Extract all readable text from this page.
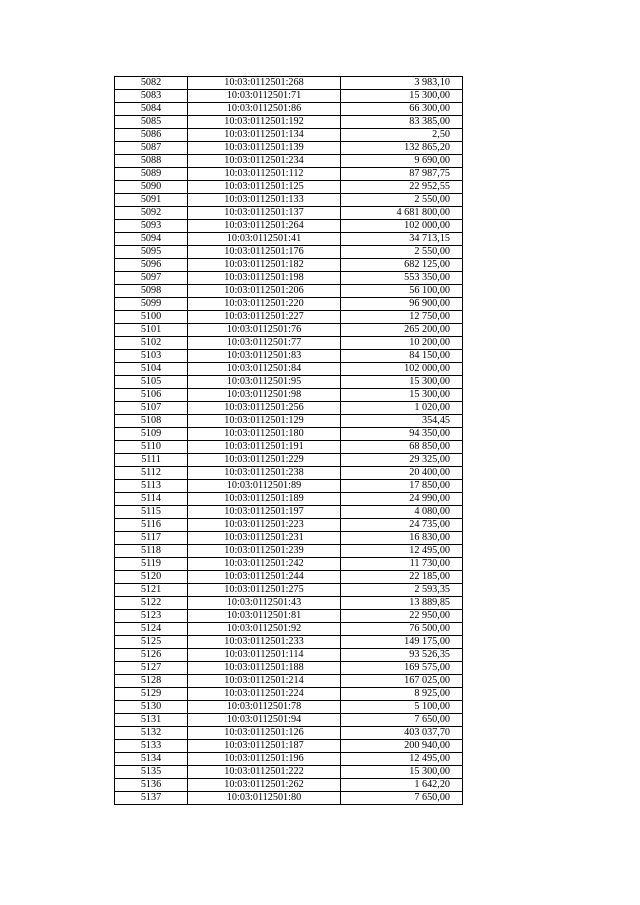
5082	10:03:0112501:268	3 983,10
5083	10:03:0112501:71	15 300,00
5084	10:03:0112501:86	66 300,00
5085	10:03:0112501:192	83 385,00
5086	10:03:0112501:134	2,50
5087	10:03:0112501:139	132 865,20
5088	10:03:0112501:234	9 690,00
5089	10:03:0112501:112	87 987,75
5090	10:03:0112501:125	22 952,55
5091	10:03:0112501:133	2 550,00
5092	10:03:0112501:137	4 681 800,00
5093	10:03:0112501:264	102 000,00
5094	10:03:0112501:41	34 713,15
5095	10:03:0112501:176	2 550,00
5096	10:03:0112501:182	682 125,00
5097	10:03:0112501:198	553 350,00
5098	10:03:0112501:206	56 100,00
5099	10:03:0112501:220	96 900,00
5100	10:03:0112501:227	12 750,00
5101	10:03:0112501:76	265 200,00
5102	10:03:0112501:77	10 200,00
5103	10:03:0112501:83	84 150,00
5104	10:03:0112501:84	102 000,00
5105	10:03:0112501:95	15 300,00
5106	10:03:0112501:98	15 300,00
5107	10:03:0112501:256	1 020,00
5108	10:03:0112501:129	354,45
5109	10:03:0112501:180	94 350,00
5110	10:03:0112501:191	68 850,00
5111	10:03:0112501:229	29 325,00
5112	10:03:0112501:238	20 400,00
5113	10:03:0112501:89	17 850,00
5114	10:03:0112501:189	24 990,00
5115	10:03:0112501:197	4 080,00
5116	10:03:0112501:223	24 735,00
5117	10:03:0112501:231	16 830,00
5118	10:03:0112501:239	12 495,00
5119	10:03:0112501:242	11 730,00
5120	10:03:0112501:244	22 185,00
5121	10:03:0112501:275	2 593,35
5122	10:03:0112501:43	13 889,85
5123	10:03:0112501:81	22 950,00
5124	10:03:0112501:92	76 500,00
5125	10:03:0112501:233	149 175,00
5126	10:03:0112501:114	93 526,35
5127	10:03:0112501:188	169 575,00
5128	10:03:0112501:214	167 025,00
5129	10:03:0112501:224	8 925,00
5130	10:03:0112501:78	5 100,00
5131	10:03:0112501:94	7 650,00
5132	10:03:0112501:126	403 037,70
5133	10:03:0112501:187	200 940,00
5134	10:03:0112501:196	12 495,00
5135	10:03:0112501:222	15 300,00
5136	10:03:0112501:262	1 642,20
5137	10:03:0112501:80	7 650,00
